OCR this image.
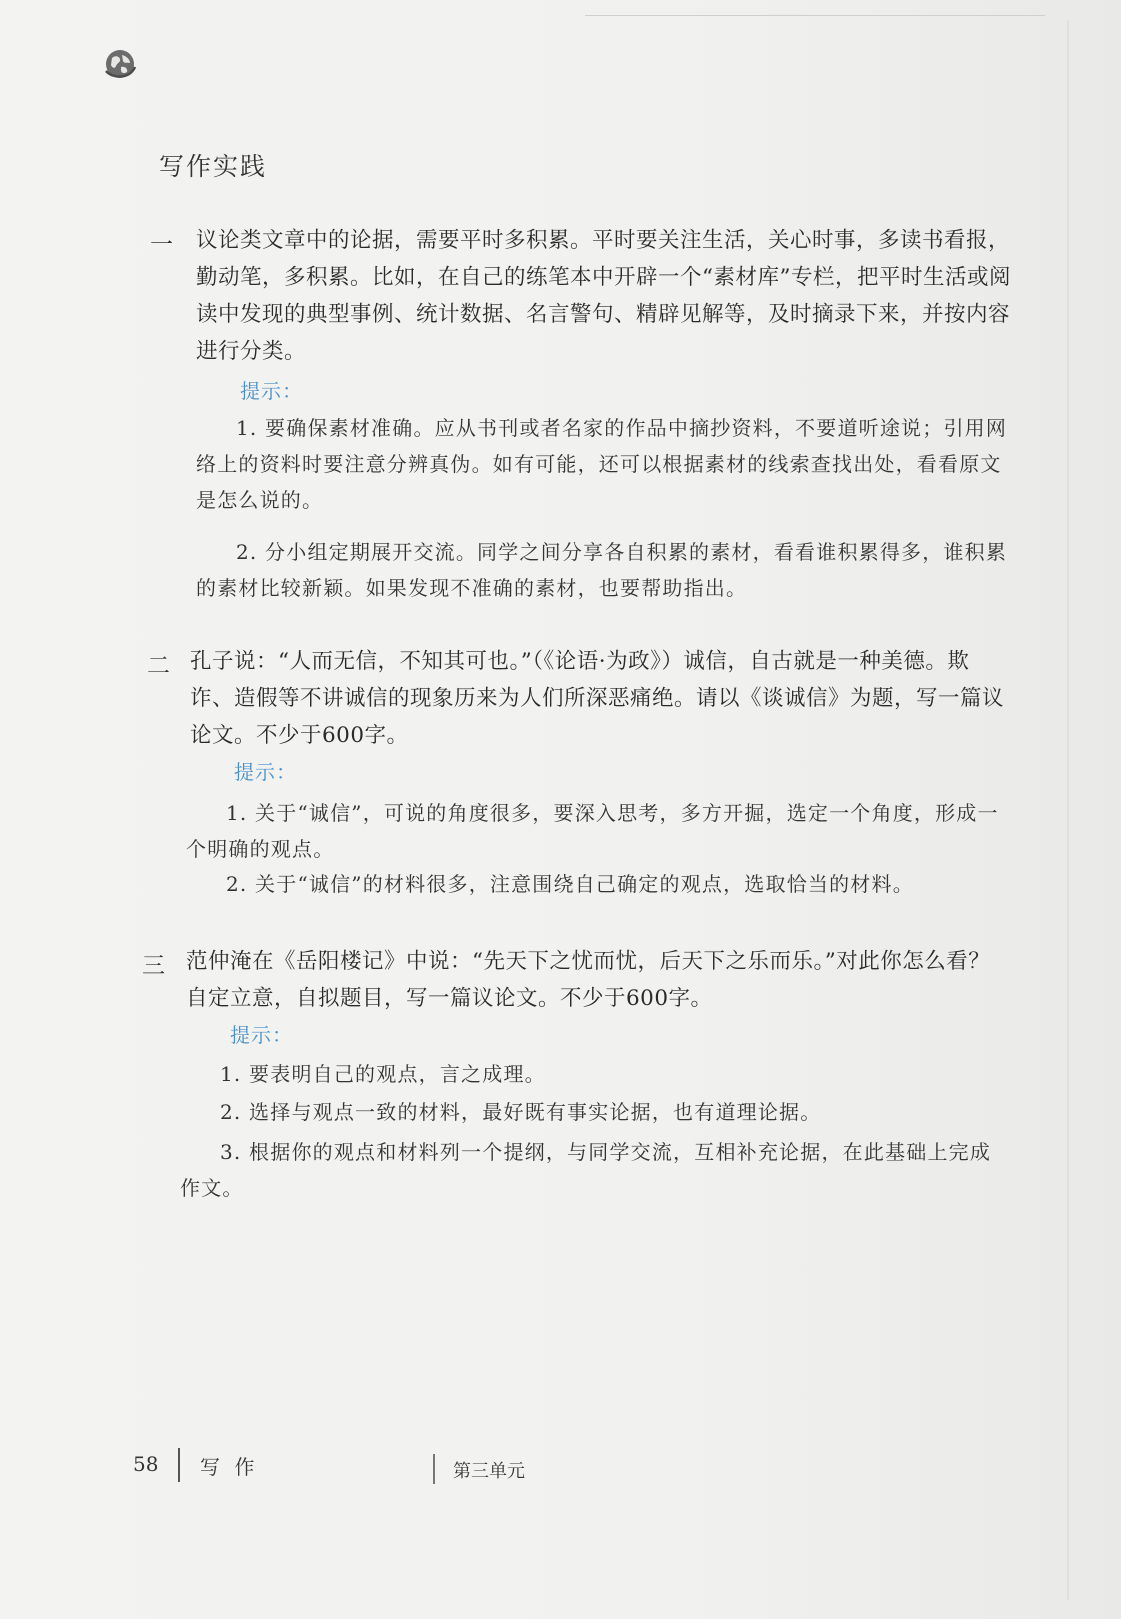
写作实践
一 议论类文章中的论据，需要平时多积累。平时要关注生活，关心时事，多读书看报，勤动笔，多积累。比如，在自己的练笔本中开辟一个“素材库”专栏，把平时生活或阅读中发现的典型事例、统计数据、名言警句、精辟见解等，及时摘录下来，并按内容进行分类。
提示：
1. 要确保素材准确。应从书刊或者名家的作品中摘抄资料，不要道听途说；引用网络上的资料时要注意分辨真伪。如有可能，还可以根据素材的线索查找出处，看看原文是怎么说的。
2. 分小组定期展开交流。同学之间分享各自积累的素材，看看谁积累得多，谁积累的素材比较新颖。如果发现不准确的素材，也要帮助指出。
二 孔子说：“人而无信，不知其可也。”（《论语·为政》）诚信，自古就是一种美德。欺诈、造假等不讲诚信的现象历来为人们所深恶痛绝。请以《谈诚信》为题，写一篇议论文。不少于600字。
提示：
1. 关于“诚信”，可说的角度很多，要深入思考，多方开掘，选定一个角度，形成一个明确的观点。
2. 关于“诚信”的材料很多，注意围绕自己确定的观点，选取恰当的材料。
三 范仲淹在《岳阳楼记》中说：“先天下之忧而忧，后天下之乐而乐。”对此你怎么看？自定立意，自拟题目，写一篇议论文。不少于600字。
提示：
1. 要表明自己的观点，言之成理。
2. 选择与观点一致的材料，最好既有事实论据，也有道理论据。
3. 根据你的观点和材料列一个提纲，与同学交流，互相补充论据，在此基础上完成作文。
58 写 作	第三单元
